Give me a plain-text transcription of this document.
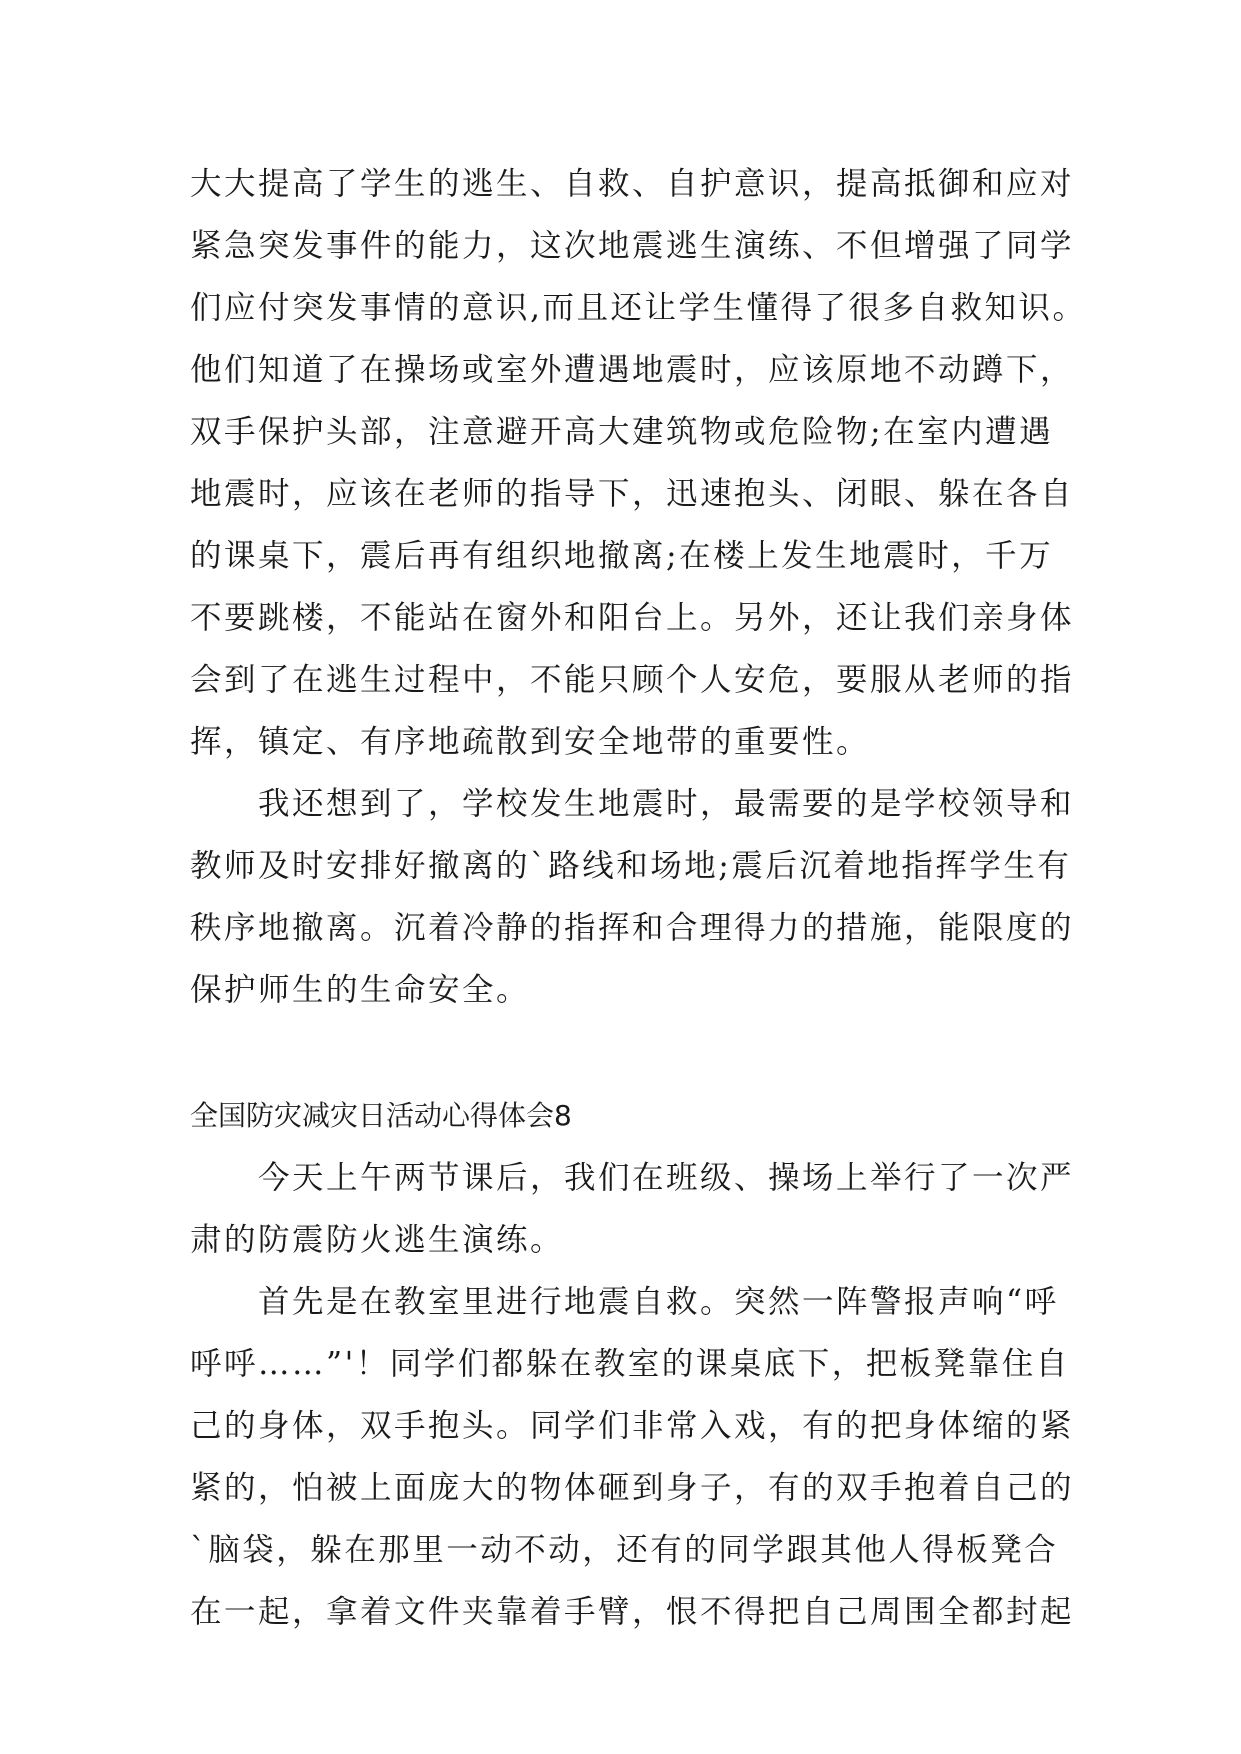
大大提高了学生的逃生、自救、自护意识，提高抵御和应对
紧急突发事件的能力，这次地震逃生演练、不但增强了同学
们应付突发事情的意识,而且还让学生懂得了很多自救知识。
他们知道了在操场或室外遭遇地震时，应该原地不动蹲下，
双手保护头部，注意避开高大建筑物或危险物;在室内遭遇
地震时，应该在老师的指导下，迅速抱头、闭眼、躲在各自
的课桌下，震后再有组织地撤离;在楼上发生地震时，千万
不要跳楼，不能站在窗外和阳台上。另外，还让我们亲身体
会到了在逃生过程中，不能只顾个人安危，要服从老师的指
挥，镇定、有序地疏散到安全地带的重要性。
我还想到了，学校发生地震时，最需要的是学校领导和
教师及时安排好撤离的`路线和场地;震后沉着地指挥学生有
秩序地撤离。沉着冷静的指挥和合理得力的措施，能限度的
保护师生的生命安全。
全国防灾减灾日活动心得体会8
今天上午两节课后，我们在班级、操场上举行了一次严
肃的防震防火逃生演练。
首先是在教室里进行地震自救。突然一阵警报声响“呼
呼呼……”'！同学们都躲在教室的课桌底下，把板凳靠住自
己的身体，双手抱头。同学们非常入戏，有的把身体缩的紧
紧的，怕被上面庞大的物体砸到身子，有的双手抱着自己的
`脑袋，躲在那里一动不动，还有的同学跟其他人得板凳合
在一起，拿着文件夹靠着手臂，恨不得把自己周围全都封起
